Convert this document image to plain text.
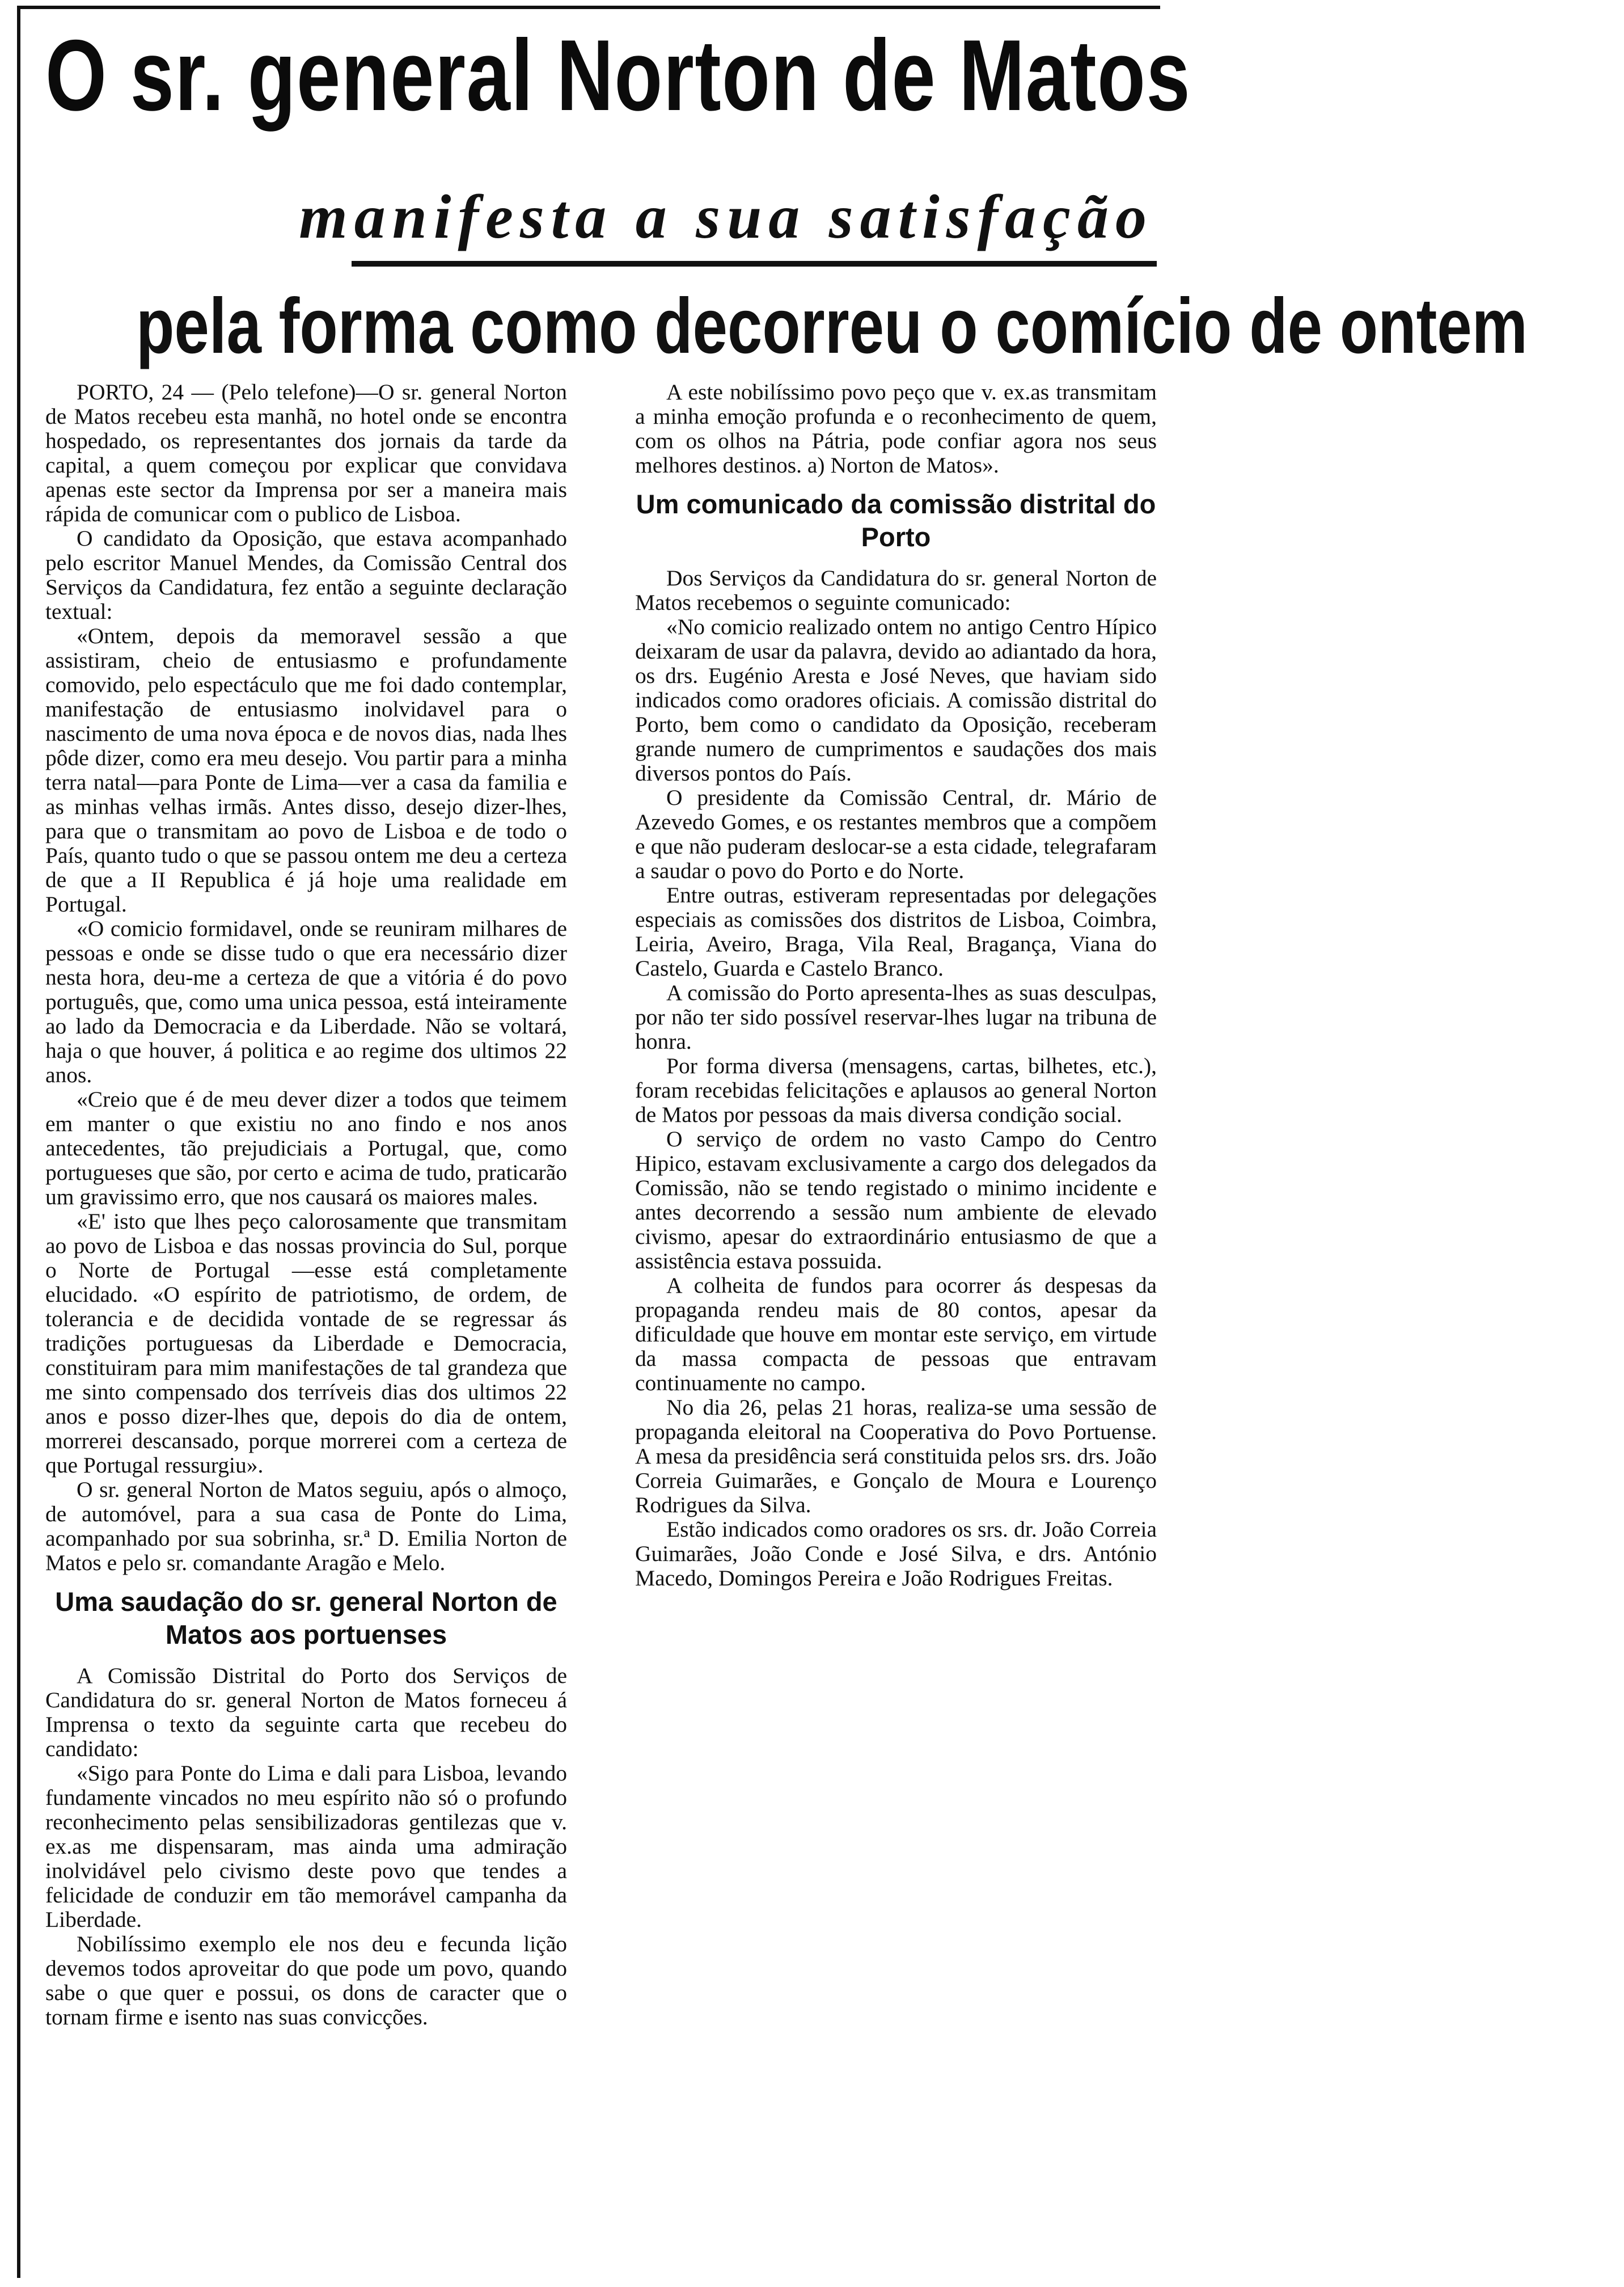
O sr. general Norton de Matos
manifesta a sua satisfação
pela forma como decorreu o comício de ontem

PORTO, 24 — (Pelo telefone)—O sr. general Norton de Matos recebeu esta manhã, no hotel onde se encontra hospedado, os representantes dos jornais da tarde da capital, a quem começou por explicar que convidava apenas este sector da Imprensa por ser a maneira mais rápida de comunicar com o publico de Lisboa.

O candidato da Oposição, que estava acompanhado pelo escritor Manuel Mendes, da Comissão Central dos Serviços da Candidatura, fez então a seguinte declaração textual:

«Ontem, depois da memoravel sessão a que assistiram, cheio de entusiasmo e profundamente comovido, pelo espectáculo que me foi dado contemplar, manifestação de entusiasmo inolvidavel para o nascimento de uma nova época e de novos dias, nada lhes pôde dizer, como era meu desejo. Vou partir para a minha terra natal—para Ponte de Lima—ver a casa da familia e as minhas velhas irmãs. Antes disso, desejo dizer-lhes, para que o transmitam ao povo de Lisboa e de todo o País, quanto tudo o que se passou ontem me deu a certeza de que a II Republica é já hoje uma realidade em Portugal.

«O comicio formidavel, onde se reuniram milhares de pessoas e onde se disse tudo o que era necessário dizer nesta hora, deu-me a certeza de que a vitória é do povo português, que, como uma unica pessoa, está inteiramente ao lado da Democracia e da Liberdade. Não se voltará, haja o que houver, á politica e ao regime dos ultimos 22 anos.

«Creio que é de meu dever dizer a todos que teimem em manter o que existiu no ano findo e nos anos antecedentes, tão prejudiciais a Portugal, que, como portugueses que são, por certo e acima de tudo, praticarão um gravissimo erro, que nos causará os maiores males.

«E' isto que lhes peço calorosamente que transmitam ao povo de Lisboa e das nossas provincia do Sul, porque o Norte de Portugal —esse está completamente elucidado. «O espírito de patriotismo, de ordem, de tolerancia e de decidida vontade de se regressar ás tradições portuguesas da Liberdade e Democracia, constituiram para mim manifestações de tal grandeza que me sinto compensado dos terríveis dias dos ultimos 22 anos e posso dizer-lhes que, depois do dia de ontem, morrerei descansado, porque morrerei com a certeza de que Portugal ressurgiu».

O sr. general Norton de Matos seguiu, após o almoço, de automóvel, para a sua casa de Ponte do Lima, acompanhado por sua sobrinha, sr.ª D. Emilia Norton de Matos e pelo sr. comandante Aragão e Melo.

Uma saudação do sr. general Norton de Matos aos portuenses

A Comissão Distrital do Porto dos Serviços de Candidatura do sr. general Norton de Matos forneceu á Imprensa o texto da seguinte carta que recebeu do candidato:

«Sigo para Ponte do Lima e dali para Lisboa, levando fundamente vincados no meu espírito não só o profundo reconhecimento pelas sensibilizadoras gentilezas que v. ex.as me dispensaram, mas ainda uma admiração inolvidável pelo civismo deste povo que tendes a felicidade de conduzir em tão memorável campanha da Liberdade.

Nobilíssimo exemplo ele nos deu e fecunda lição devemos todos aproveitar do que pode um povo, quando sabe o que quer e possui, os dons de caracter que o tornam firme e isento nas suas convicções.

A este nobilíssimo povo peço que v. ex.as transmitam a minha emoção profunda e o reconhecimento de quem, com os olhos na Pátria, pode confiar agora nos seus melhores destinos. a) Norton de Matos».

Um comunicado da comissão distrital do Porto

Dos Serviços da Candidatura do sr. general Norton de Matos recebemos o seguinte comunicado:

«No comicio realizado ontem no antigo Centro Hípico deixaram de usar da palavra, devido ao adiantado da hora, os drs. Eugénio Aresta e José Neves, que haviam sido indicados como oradores oficiais. A comissão distrital do Porto, bem como o candidato da Oposição, receberam grande numero de cumprimentos e saudações dos mais diversos pontos do País.

O presidente da Comissão Central, dr. Mário de Azevedo Gomes, e os restantes membros que a compõem e que não puderam deslocar-se a esta cidade, telegrafaram a saudar o povo do Porto e do Norte.

Entre outras, estiveram representadas por delegações especiais as comissões dos distritos de Lisboa, Coimbra, Leiria, Aveiro, Braga, Vila Real, Bragança, Viana do Castelo, Guarda e Castelo Branco.

A comissão do Porto apresenta-lhes as suas desculpas, por não ter sido possível reservar-lhes lugar na tribuna de honra.

Por forma diversa (mensagens, cartas, bilhetes, etc.), foram recebidas felicitações e aplausos ao general Norton de Matos por pessoas da mais diversa condição social.

O serviço de ordem no vasto Campo do Centro Hipico, estavam exclusivamente a cargo dos delegados da Comissão, não se tendo registado o minimo incidente e antes decorrendo a sessão num ambiente de elevado civismo, apesar do extraordinário entusiasmo de que a assistência estava possuida.

A colheita de fundos para ocorrer ás despesas da propaganda rendeu mais de 80 contos, apesar da dificuldade que houve em montar este serviço, em virtude da massa compacta de pessoas que entravam continuamente no campo.

No dia 26, pelas 21 horas, realiza-se uma sessão de propaganda eleitoral na Cooperativa do Povo Portuense. A mesa da presidência será constituida pelos srs. drs. João Correia Guimarães, e Gonçalo de Moura e Lourenço Rodrigues da Silva.

Estão indicados como oradores os srs. dr. João Correia Guimarães, João Conde e José Silva, e drs. António Macedo, Domingos Pereira e João Rodrigues Freitas.
